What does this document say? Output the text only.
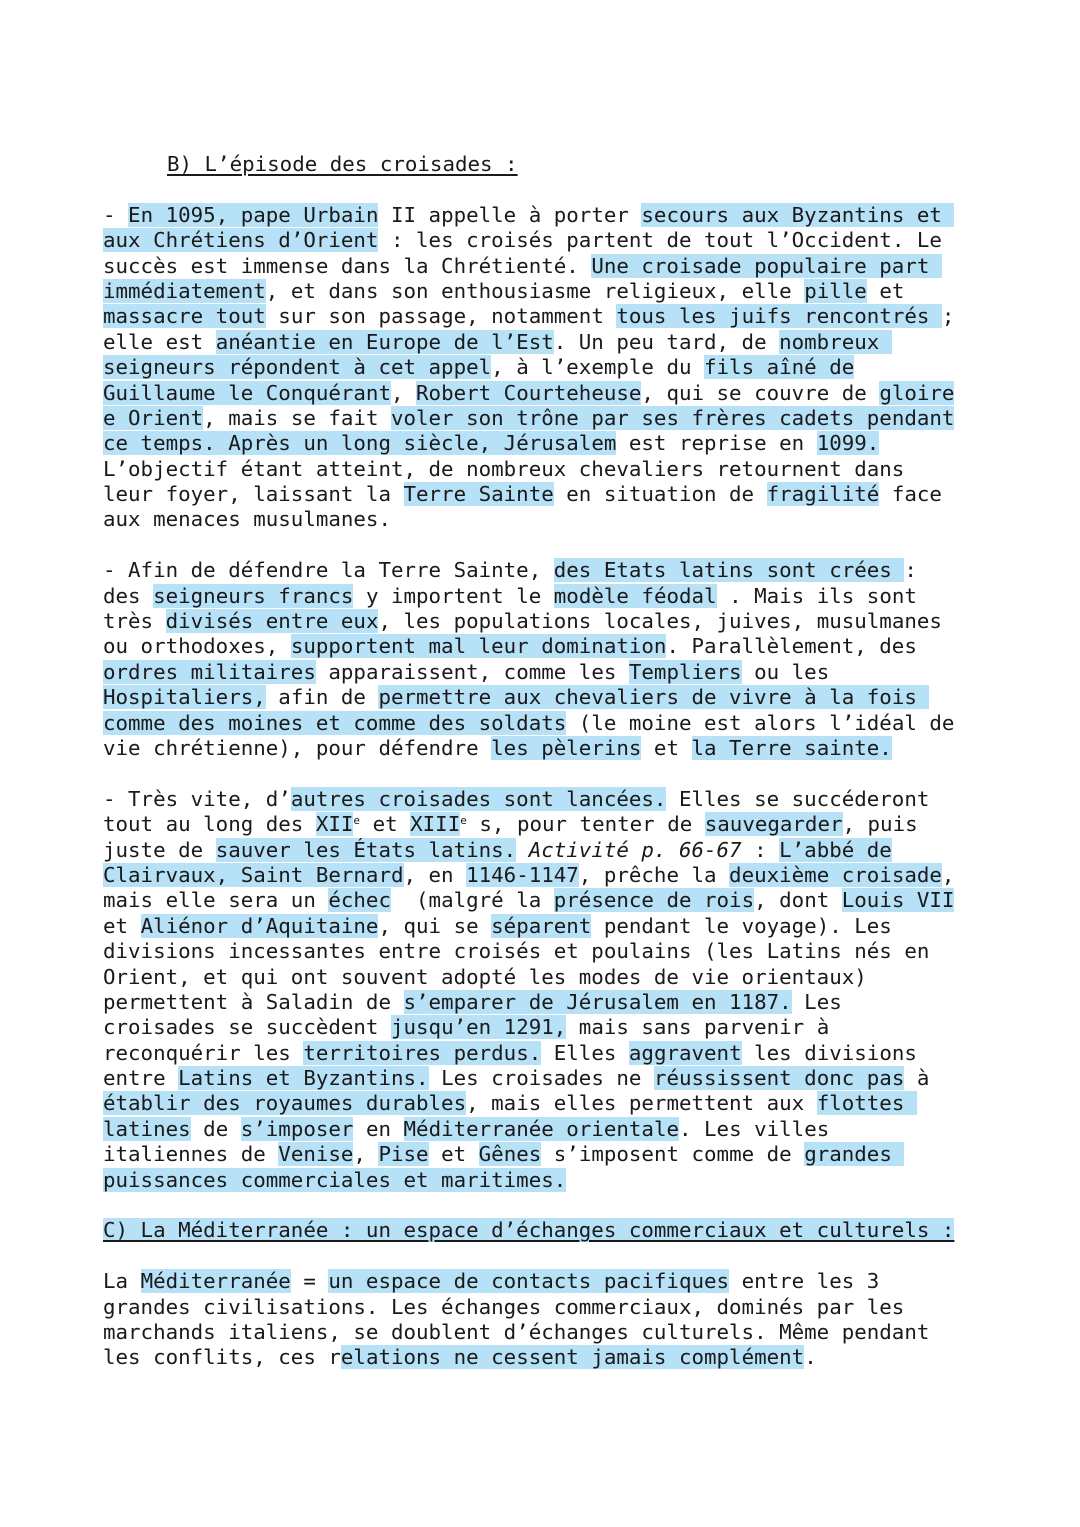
B) L’épisode des croisades :

- En 1095, pape Urbain II appelle à porter secours aux Byzantins et
aux Chrétiens d’Orient : les croisés partent de tout l’Occident. Le
succès est immense dans la Chrétienté. Une croisade populaire part
immédiatement, et dans son enthousiasme religieux, elle pille et
massacre tout sur son passage, notamment tous les juifs rencontrés ;
elle est anéantie en Europe de l’Est. Un peu tard, de nombreux
seigneurs répondent à cet appel, à l’exemple du fils aîné de
Guillaume le Conquérant, Robert Courteheuse, qui se couvre de gloire
e Orient, mais se fait voler son trône par ses frères cadets pendant
ce temps. Après un long siècle, Jérusalem est reprise en 1099.
L’objectif étant atteint, de nombreux chevaliers retournent dans
leur foyer, laissant la Terre Sainte en situation de fragilité face
aux menaces musulmanes.

- Afin de défendre la Terre Sainte, des Etats latins sont crées :
des seigneurs francs y importent le modèle féodal . Mais ils sont
très divisés entre eux, les populations locales, juives, musulmanes
ou orthodoxes, supportent mal leur domination. Parallèlement, des
ordres militaires apparaissent, comme les Templiers ou les
Hospitaliers, afin de permettre aux chevaliers de vivre à la fois
comme des moines et comme des soldats (le moine est alors l’idéal de
vie chrétienne), pour défendre les pèlerins et la Terre sainte.

- Très vite, d’autres croisades sont lancées. Elles se succéderont
tout au long des XIIe et XIIIe s, pour tenter de sauvegarder, puis
juste de sauver les États latins. Activité p. 66-67 : L’abbé de
Clairvaux, Saint Bernard, en 1146-1147, prêche la deuxième croisade,
mais elle sera un échec  (malgré la présence de rois, dont Louis VII
et Aliénor d’Aquitaine, qui se séparent pendant le voyage). Les
divisions incessantes entre croisés et poulains (les Latins nés en
Orient, et qui ont souvent adopté les modes de vie orientaux)
permettent à Saladin de s’emparer de Jérusalem en 1187. Les
croisades se succèdent jusqu’en 1291, mais sans parvenir à
reconquérir les territoires perdus. Elles aggravent les divisions
entre Latins et Byzantins. Les croisades ne réussissent donc pas à
établir des royaumes durables, mais elles permettent aux flottes
latines de s’imposer en Méditerranée orientale. Les villes
italiennes de Venise, Pise et Gênes s’imposent comme de grandes
puissances commerciales et maritimes.

C) La Méditerranée : un espace d’échanges commerciaux et culturels :

La Méditerranée = un espace de contacts pacifiques entre les 3
grandes civilisations. Les échanges commerciaux, dominés par les
marchands italiens, se doublent d’échanges culturels. Même pendant
les conflits, ces relations ne cessent jamais complément.
